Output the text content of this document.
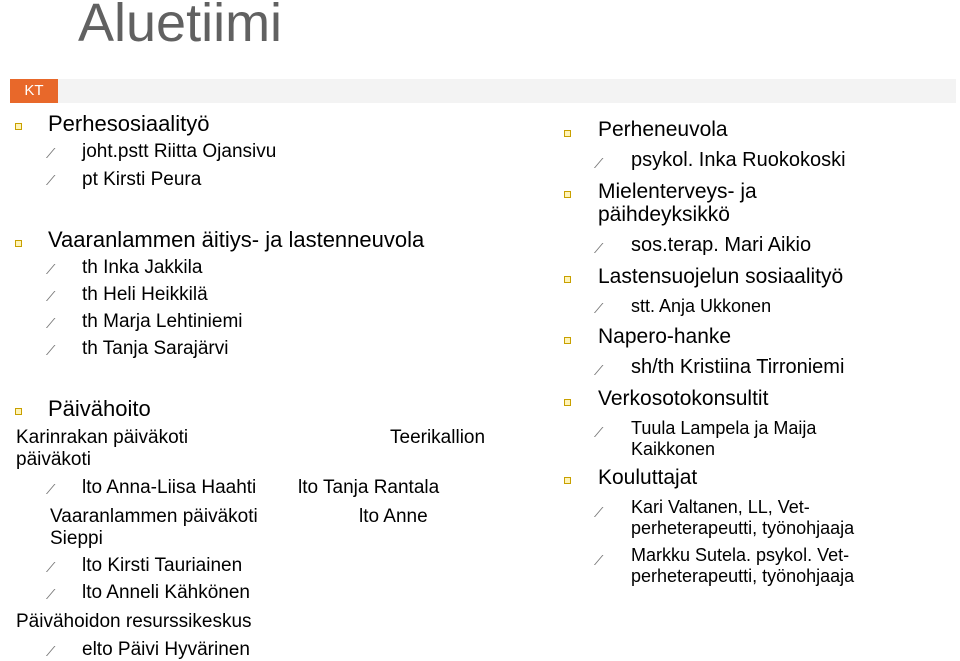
Aluetiimi
KT
Perhesosiaalityö
⁄ joht.pstt Riitta Ojansivu
⁄ pt Kirsti Peura
Vaaranlammen äitiys- ja lastenneuvola
⁄ th Inka Jakkila
⁄ th Heli Heikkilä
⁄ th Marja Lehtiniemi
⁄ th Tanja Sarajärvi
Päivähoito
Karinrakan päiväkoti	Teerikallion
päiväkoti
⁄ lto Anna-Liisa Haahti lto Tanja Rantala
Vaaranlammen päiväkoti	lto Anne
Sieppi
⁄ lto Kirsti Tauriainen
⁄ lto Anneli Kähkönen
Päivähoidon resurssikeskus
⁄ elto Päivi Hyvärinen
Perheneuvola
⁄ psykol. Inka Ruokokoski
Mielenterveys- ja
päihdeyksikkö
⁄ sos.terap. Mari Aikio
Lastensuojelun sosiaalityö
⁄ stt. Anja Ukkonen
Napero-hanke
⁄ sh/th Kristiina Tirroniemi
Verkosotokonsultit
⁄ Tuula Lampela ja Maija
Kaikkonen
Kouluttajat
⁄ Kari Valtanen, LL, Vet-
perheterapeutti, työnohjaaja
⁄ Markku Sutela. psykol. Vet-
perheterapeutti, työnohjaaja
